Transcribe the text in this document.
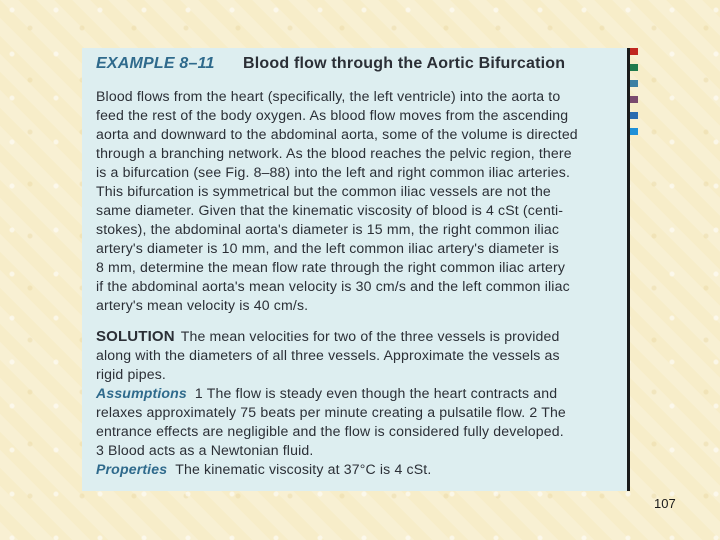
EXAMPLE 8–11	Blood flow through the Aortic Bifurcation
Blood flows from the heart (specifically, the left ventricle) into the aorta to
feed the rest of the body oxygen. As blood flow moves from the ascending
aorta and downward to the abdominal aorta, some of the volume is directed
through a branching network. As the blood reaches the pelvic region, there
is a bifurcation (see Fig. 8–88) into the left and right common iliac arteries.
This bifurcation is symmetrical but the common iliac vessels are not the
same diameter. Given that the kinematic viscosity of blood is 4 cSt (centi-
stokes), the abdominal aorta's diameter is 15 mm, the right common iliac
artery's diameter is 10 mm, and the left common iliac artery's diameter is
8 mm, determine the mean flow rate through the right common iliac artery
if the abdominal aorta's mean velocity is 30 cm/s and the left common iliac
artery's mean velocity is 40 cm/s.
SOLUTION The mean velocities for two of the three vessels is provided
along with the diameters of all three vessels. Approximate the vessels as
rigid pipes.
Assumptions 1 The flow is steady even though the heart contracts and
relaxes approximately 75 beats per minute creating a pulsatile flow. 2 The
entrance effects are negligible and the flow is considered fully developed.
3 Blood acts as a Newtonian fluid.
Properties The kinematic viscosity at 37°C is 4 cSt.
107
